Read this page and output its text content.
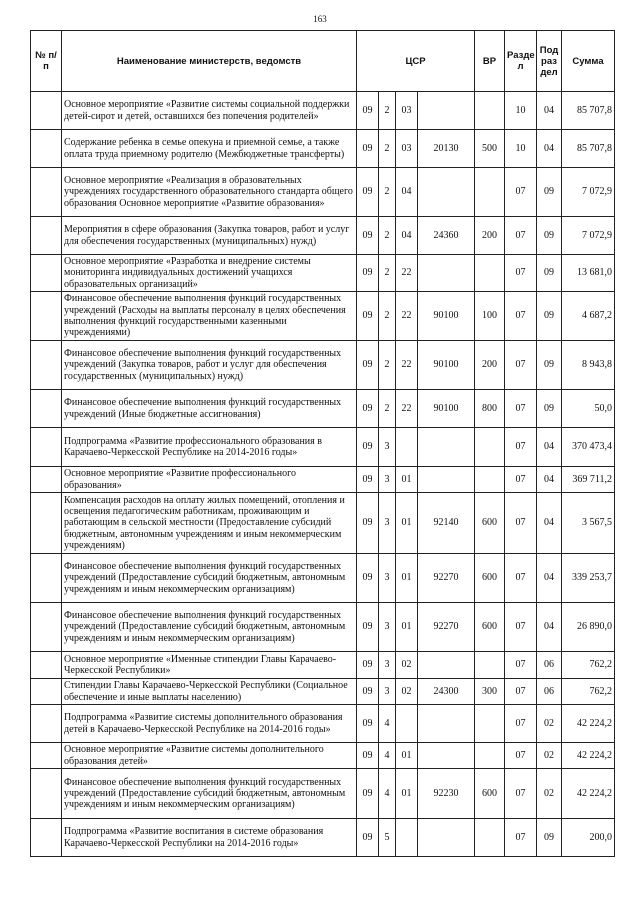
163
№ п/п	Наименование министерств, ведомств	ЦСР				ВР	Разде л	Под раз дел	Сумма
	Основное мероприятие «Развитие системы социальной поддержки детей-сирот и детей, оставшихся без попечения родителей»	09	2	03			10	04	85 707,8
	Содержание ребенка в семье опекуна и приемной семье, а также оплата труда приемному родителю (Межбюджетные трансферты)	09	2	03	20130	500	10	04	85 707,8
	Основное мероприятие «Реализация в образовательных учреждениях государственного образовательного стандарта общего образования Основное мероприятие «Развитие образования»	09	2	04			07	09	7 072,9
	Мероприятия в сфере образования (Закупка товаров, работ и услуг для обеспечения государственных (муниципальных) нужд)	09	2	04	24360	200	07	09	7 072,9
	Основное мероприятие «Разработка и внедрение системы мониторинга индивидуальных достижений учащихся образовательных организаций»	09	2	22			07	09	13 681,0
	Финансовое обеспечение выполнения функций государственных учреждений (Расходы на выплаты персоналу в целях обеспечения выполнения функций государственными казенными учреждениями)	09	2	22	90100	100	07	09	4 687,2
	Финансовое обеспечение выполнения функций государственных учреждений (Закупка товаров, работ и услуг для обеспечения государственных (муниципальных) нужд)	09	2	22	90100	200	07	09	8 943,8
	Финансовое обеспечение выполнения функций государственных учреждений (Иные бюджетные ассигнования)	09	2	22	90100	800	07	09	50,0
	Подпрограмма «Развитие профессионального образования в Карачаево-Черкесской Республике на 2014-2016 годы»	09	3				07	04	370 473,4
	Основное мероприятие «Развитие профессионального образования»	09	3	01			07	04	369 711,2
	Компенсация расходов на оплату жилых помещений, отопления и освещения педагогическим работникам, проживающим и работающим в сельской местности (Предоставление субсидий бюджетным, автономным учреждениям и иным некоммерческим учреждениям)	09	3	01	92140	600	07	04	3 567,5
	Финансовое обеспечение выполнения функций государственных учреждений (Предоставление субсидий бюджетным, автономным учреждениям и иным некоммерческим организациям)	09	3	01	92270	600	07	04	339 253,7
	Финансовое обеспечение выполнения функций государственных учреждений (Предоставление субсидий бюджетным, автономным учреждениям и иным некоммерческим организациям)	09	3	01	92270	600	07	04	26 890,0
	Основное мероприятие «Именные стипендии Главы Карачаево-Черкесской Республики»	09	3	02			07	06	762,2
	Стипендии Главы Карачаево-Черкесской Республики (Социальное обеспечение и иные выплаты населению)	09	3	02	24300	300	07	06	762,2
	Подпрограмма «Развитие системы дополнительного образования детей в Карачаево-Черкесской Республике на 2014-2016 годы»	09	4				07	02	42 224,2
	Основное мероприятие «Развитие системы дополнительного образования детей»	09	4	01			07	02	42 224,2
	Финансовое обеспечение выполнения функций государственных учреждений (Предоставление субсидий бюджетным, автономным учреждениям и иным некоммерческим организациям)	09	4	01	92230	600	07	02	42 224,2
	Подпрограмма «Развитие воспитания в системе образования Карачаево-Черкесской Республики на 2014-2016 годы»	09	5				07	09	200,0
